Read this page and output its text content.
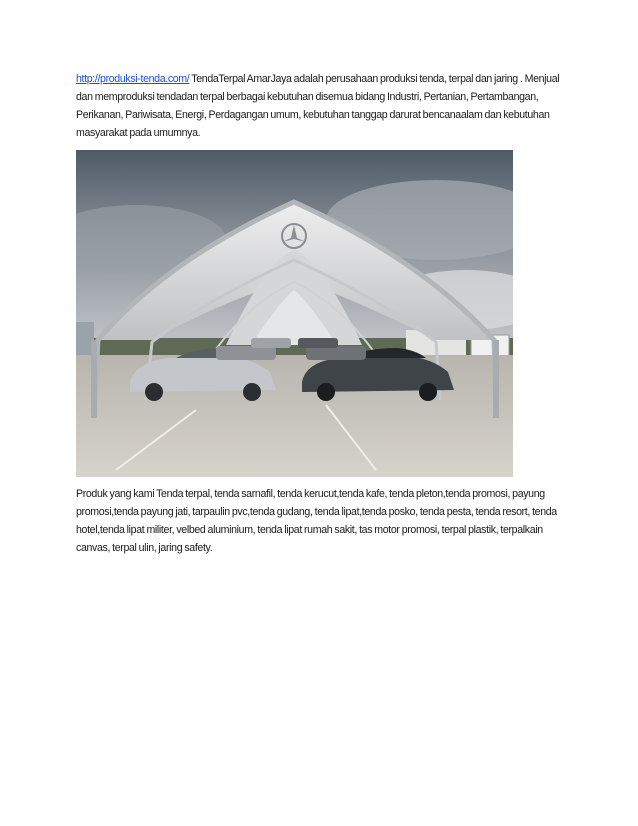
http://produksi-tenda.com/ TendaTerpal AmarJaya adalah perusahaan produksi tenda, terpal dan jaring . Menjual dan memproduksi tendadan terpal berbagai kebutuhan disemua bidang Industri, Pertanian, Pertambangan, Perikanan, Pariwisata, Energi, Perdagangan umum, kebutuhan tanggap darurat bencanaalam dan kebutuhan masyarakat pada umumnya.

Produk yang kami Tenda terpal, tenda sarnafil, tenda kerucut,tenda kafe, tenda pleton,tenda promosi, payung promosi,tenda payung jati, tarpaulin pvc,tenda gudang, tenda lipat,tenda posko, tenda pesta, tenda resort, tenda hotel,tenda lipat militer, velbed aluminium, tenda lipat rumah sakit, tas motor promosi, terpal plastik, terpalkain canvas, terpal ulin, jaring safety.
